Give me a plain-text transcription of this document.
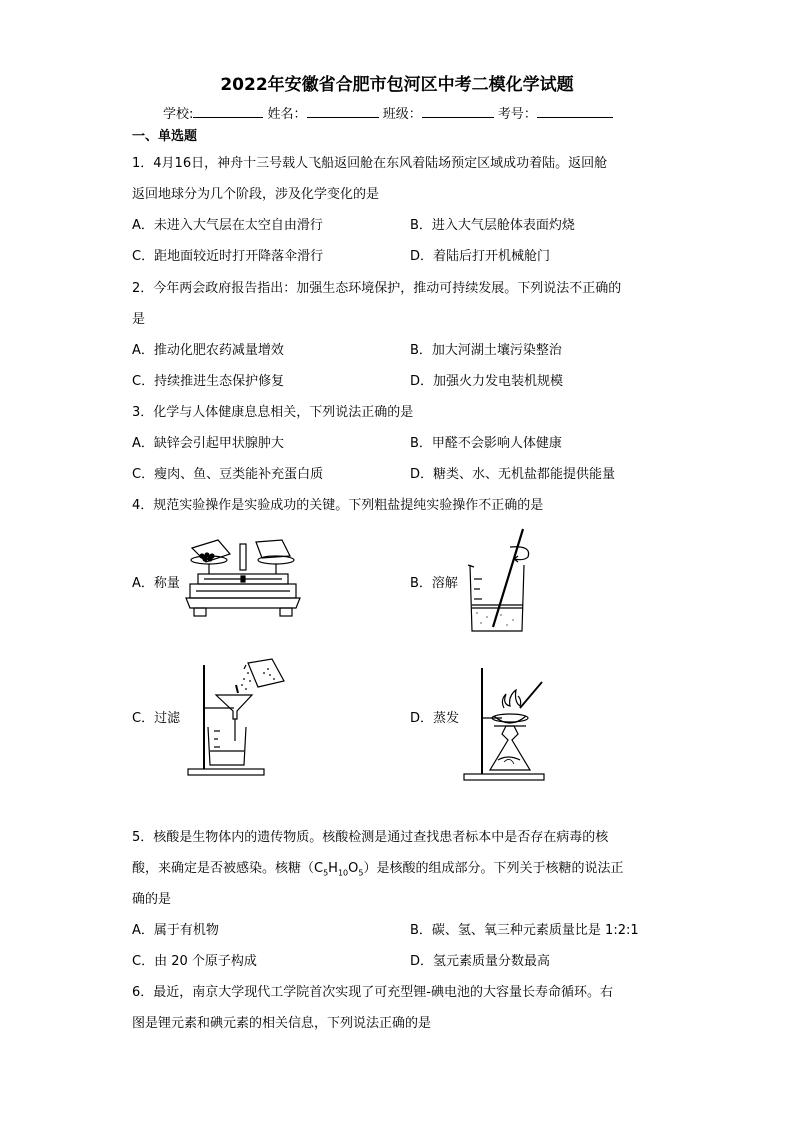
2022年安徽省合肥市包河区中考二模化学试题
学校:	姓名：	班级：	考号：
一、单选题
1．4月16日，神舟十三号载人飞船返回舱在东风着陆场预定区域成功着陆。返回舱
返回地球分为几个阶段，涉及化学变化的是
A．未进入大气层在太空自由滑行	B．进入大气层舱体表面灼烧
C．距地面较近时打开降落伞滑行	D．着陆后打开机械舱门
2．今年两会政府报告指出：加强生态环境保护，推动可持续发展。下列说法不正确的
是
A．推动化肥农药减量增效	B．加大河湖土壤污染整治
C．持续推进生态保护修复	D．加强火力发电装机规模
3．化学与人体健康息息相关，下列说法正确的是
A．缺锌会引起甲状腺肿大	B．甲醛不会影响人体健康
C．瘦肉、鱼、豆类能补充蛋白质	D．糖类、水、无机盐都能提供能量
4．规范实验操作是实验成功的关键。下列粗盐提纯实验操作不正确的是
A．称量	B．溶解
C．过滤	D．蒸发
5．核酸是生物体内的遗传物质。核酸检测是通过查找患者标本中是否存在病毒的核
酸，来确定是否被感染。核糖$(C_5H_{10}O_5)$是核酸的组成部分。下列关于核糖的说法正
确的是
A．属于有机物	B．碳、氢、氧三种元素质量比是 1:2:1
C．由 20 个原子构成	D．氢元素质量分数最高
6．最近，南京大学现代工学院首次实现了可充型锂-碘电池的大容量长寿命循环。右
图是锂元素和碘元素的相关信息，下列说法正确的是
